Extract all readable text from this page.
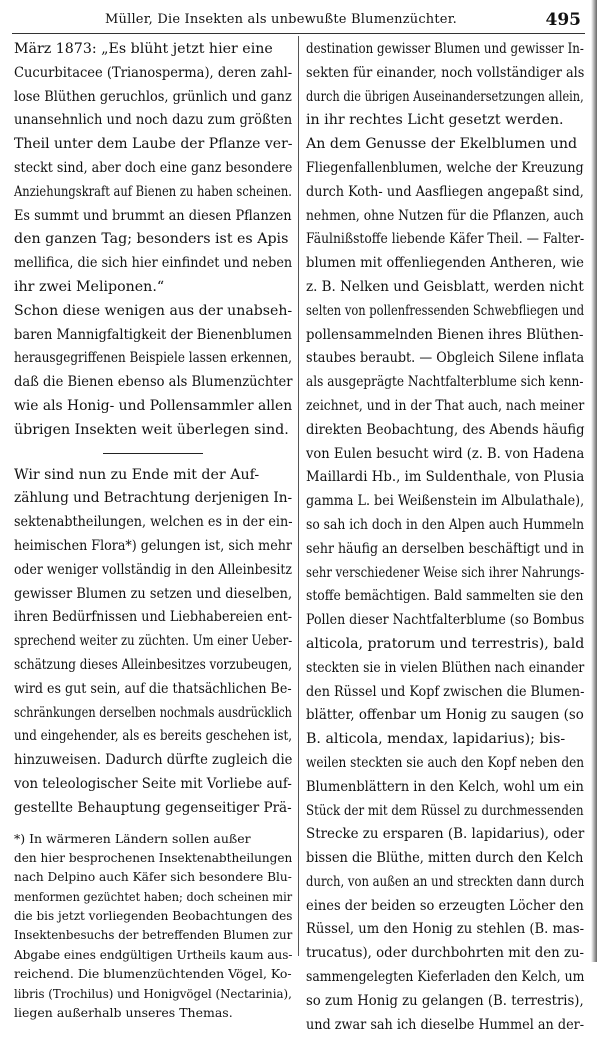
Müller, Die Insekten als unbewußte Blumenzüchter.	495
März 1873: „Es blüht jetzt hier eine
Cucurbitacee (Trianosperma), deren zahl-
lose Blüthen geruchlos, grünlich und ganz
unansehnlich und noch dazu zum größten
Theil unter dem Laube der Pflanze ver-
steckt sind, aber doch eine ganz besondere
Anziehungskraft auf Bienen zu haben scheinen.
Es summt und brummt an diesen Pflanzen
den ganzen Tag; besonders ist es Apis
mellifica, die sich hier einfindet und neben
ihr zwei Meliponen.“
Schon diese wenigen aus der unabseh-
baren Mannigfaltigkeit der Bienenblumen
herausgegriffenen Beispiele lassen erkennen,
daß die Bienen ebenso als Blumenzüchter
wie als Honig- und Pollensammler allen
übrigen Insekten weit überlegen sind.
Wir sind nun zu Ende mit der Auf-
zählung und Betrachtung derjenigen In-
sektenabtheilungen, welchen es in der ein-
heimischen Flora*) gelungen ist, sich mehr
oder weniger vollständig in den Alleinbesitz
gewisser Blumen zu setzen und dieselben,
ihren Bedürfnissen und Liebhabereien ent-
sprechend weiter zu züchten. Um einer Ueber-
schätzung dieses Alleinbesitzes vorzubeugen,
wird es gut sein, auf die thatsächlichen Be-
schränkungen derselben nochmals ausdrücklich
und eingehender, als es bereits geschehen ist,
hinzuweisen. Dadurch dürfte zugleich die
von teleologischer Seite mit Vorliebe auf-
gestellte Behauptung gegenseitiger Prä-
*) In wärmeren Ländern sollen außer
den hier besprochenen Insektenabtheilungen
nach Delpino auch Käfer sich besondere Blu-
menformen gezüchtet haben; doch scheinen mir
die bis jetzt vorliegenden Beobachtungen des
Insektenbesuchs der betreffenden Blumen zur
Abgabe eines endgültigen Urtheils kaum aus-
reichend. Die blumenzüchtenden Vögel, Ko-
libris (Trochilus) und Honigvögel (Nectarinia),
liegen außerhalb unseres Themas.
destination gewisser Blumen und gewisser In-
sekten für einander, noch vollständiger als
durch die übrigen Auseinandersetzungen allein,
in ihr rechtes Licht gesetzt werden.
An dem Genusse der Ekelblumen und
Fliegenfallenblumen, welche der Kreuzung
durch Koth- und Aasfliegen angepaßt sind,
nehmen, ohne Nutzen für die Pflanzen, auch
Fäulnißstoffe liebende Käfer Theil. — Falter-
blumen mit offenliegenden Antheren, wie
z. B. Nelken und Geisblatt, werden nicht
selten von pollenfressenden Schwebfliegen und
pollensammelnden Bienen ihres Blüthen-
staubes beraubt. — Obgleich Silene inflata
als ausgeprägte Nachtfalterblume sich kenn-
zeichnet, und in der That auch, nach meiner
direkten Beobachtung, des Abends häufig
von Eulen besucht wird (z. B. von Hadena
Maillardi Hb., im Suldenthale, von Plusia
gamma L. bei Weißenstein im Albulathale),
so sah ich doch in den Alpen auch Hummeln
sehr häufig an derselben beschäftigt und in
sehr verschiedener Weise sich ihrer Nahrungs-
stoffe bemächtigen. Bald sammelten sie den
Pollen dieser Nachtfalterblume (so Bombus
alticola, pratorum und terrestris), bald
steckten sie in vielen Blüthen nach einander
den Rüssel und Kopf zwischen die Blumen-
blätter, offenbar um Honig zu saugen (so
B. alticola, mendax, lapidarius); bis-
weilen steckten sie auch den Kopf neben den
Blumenblättern in den Kelch, wohl um ein
Stück der mit dem Rüssel zu durchmessenden
Strecke zu ersparen (B. lapidarius), oder
bissen die Blüthe, mitten durch den Kelch
durch, von außen an und streckten dann durch
eines der beiden so erzeugten Löcher den
Rüssel, um den Honig zu stehlen (B. mas-
trucatus), oder durchbohrten mit den zu-
sammengelegten Kieferladen den Kelch, um
so zum Honig zu gelangen (B. terrestris),
und zwar sah ich dieselbe Hummel an der-
